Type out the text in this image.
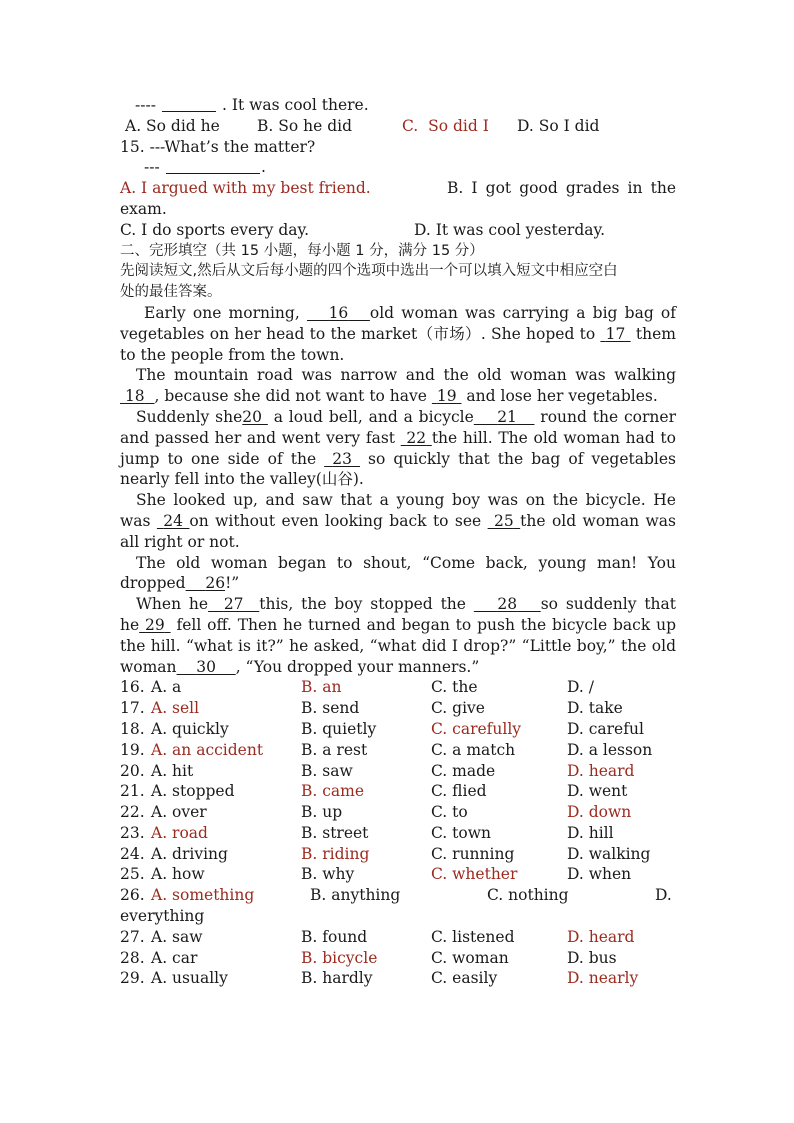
----

	. It was cool there.

A. So did he

B. So he did

	C.  So did I

D. So I did

15. ---What’s the matter?

---

	.

A. I argued with my best friend.

	B. I got good grades in the

exam.

C. I do sports every day.

	D. It was cool yesterday.

二、完形填空（共 15 小题，每小题 1 分，满分 15 分）
先阅读短文,然后从文后每小题的四个选项中选出一个可以填入短文中相应空白
处的最佳答案。

Early one morning,    16 old woman was carrying a big bag of vegetables on her head to the market（市场）. She hoped to  17  them to the people from the town.

The mountain road was narrow and the old woman was walking  18 , because she did not want to have  19  and lose her vegetables.

Suddenly she20  a loud bell, and a bicycle 21    round the corner and passed her and went very fast  22 the hill. The old woman had to jump to one side of the  23  so quickly that the bag of vegetables nearly fell into the valley(山谷).

She looked up, and saw that a young boy was on the bicycle. He was  24 on without even looking back to see  25 the old woman was all right or not.

The old woman began to shout, “Come back, young man! You dropped 26!”

When he 27 this, the boy stopped the    28 so suddenly that he 29  fell off. Then he turned and began to push the bicycle back up the hill. “what is it?” he asked, “what did I drop?” “Little boy,” the old woman 30 , “You dropped your manners.”

16. A. a	B. an	C. the	D. /
17. A. sell	B. send	C. give	D. take
18. A. quickly	B. quietly	C. carefully	D. careful
19. A. an accident B. a rest	C. a match	D. a lesson
20. A. hit	B. saw	C. made	D. heard
21. A. stopped	B. came	C. flied	D. went
22. A. over	B. up	C. to	D. down
23. A. road	B. street	C. town	D. hill
24. A. driving	B. riding	C. running	D. walking
25. A. how	B. why	C. whether	D. when
26. A. something	B. anything	C. nothing	D.
everything
27. A. saw	B. found	C. listened	D. heard
28. A. car	B. bicycle	C. woman	D. bus
29. A. usually	B. hardly	C. easily	D. nearly
